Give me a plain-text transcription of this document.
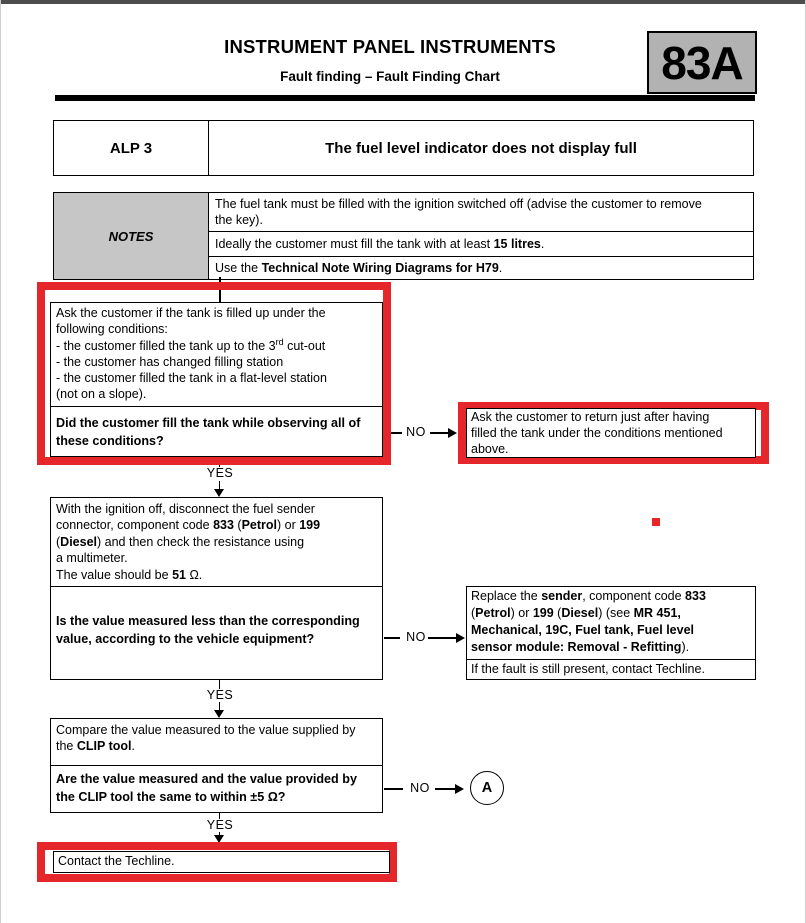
INSTRUMENT PANEL INSTRUMENTS
Fault finding – Fault Finding Chart	83A
ALP 3	The fuel level indicator does not display full
NOTES
The fuel tank must be filled with the ignition switched off (advise the customer to remove
the key).
Ideally the customer must fill the tank with at least 15 litres.
Use the Technical Note Wiring Diagrams for H79.
Ask the customer if the tank is filled up under the
following conditions:
- the customer filled the tank up to the 3rd cut-out
- the customer has changed filling station
- the customer filled the tank in a flat-level station
(not on a slope).
Did the customer fill the tank while observing all of
these conditions?
NO
Ask the customer to return just after having
filled the tank under the conditions mentioned
above.
YES
With the ignition off, disconnect the fuel sender
connector, component code 833 (Petrol) or 199
(Diesel) and then check the resistance using
a multimeter.
The value should be 51 Ω.
Is the value measured less than the corresponding
value, according to the vehicle equipment?	NO
Replace the sender, component code 833
(Petrol) or 199 (Diesel) (see MR 451,
Mechanical, 19C, Fuel tank, Fuel level
sensor module: Removal - Refitting).
If the fault is still present, contact Techline.
YES
Compare the value measured to the value supplied by
the CLIP tool.
Are the value measured and the value provided by
the CLIP tool the same to within ±5 Ω?
NO	A
YES
Contact the Techline.
